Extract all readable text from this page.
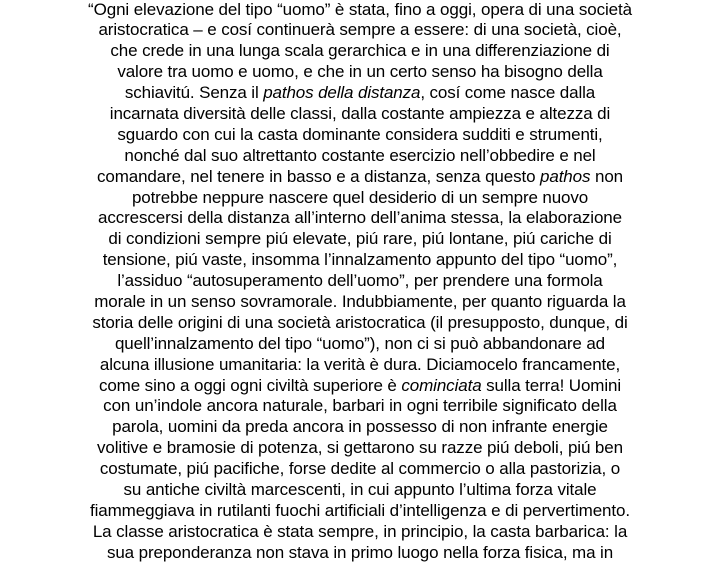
“Ogni elevazione del tipo “uomo” è stata, fino a oggi, opera di una società
aristocratica – e cosí continuerà sempre a essere: di una società, cioè,
che crede in una lunga scala gerarchica e in una differenziazione di
valore tra uomo e uomo, e che in un certo senso ha bisogno della
schiavitú. Senza il pathos della distanza, cosí come nasce dalla
incarnata diversità delle classi, dalla costante ampiezza e altezza di
sguardo con cui la casta dominante considera sudditi e strumenti,
nonché dal suo altrettanto costante esercizio nell’obbedire e nel
comandare, nel tenere in basso e a distanza, senza questo pathos non
potrebbe neppure nascere quel desiderio di un sempre nuovo
accrescersi della distanza all’interno dell’anima stessa, la elaborazione
di condizioni sempre piú elevate, piú rare, piú lontane, piú cariche di
tensione, piú vaste, insomma l’innalzamento appunto del tipo “uomo”,
l’assiduo “autosuperamento dell’uomo”, per prendere una formola
morale in un senso sovramorale. Indubbiamente, per quanto riguarda la
storia delle origini di una società aristocratica (il presupposto, dunque, di
quell’innalzamento del tipo “uomo”), non ci si può abbandonare ad
alcuna illusione umanitaria: la verità è dura. Diciamocelo francamente,
come sino a oggi ogni civiltà superiore è cominciata sulla terra! Uomini
con un’indole ancora naturale, barbari in ogni terribile significato della
parola, uomini da preda ancora in possesso di non infrante energie
volitive e bramosie di potenza, si gettarono su razze piú deboli, piú ben
costumate, piú pacifiche, forse dedite al commercio o alla pastorizia, o
su antiche civiltà marcescenti, in cui appunto l’ultima forza vitale
fiammeggiava in rutilanti fuochi artificiali d’intelligenza e di pervertimento.
La classe aristocratica è stata sempre, in principio, la casta barbarica: la
sua preponderanza non stava in primo luogo nella forza fisica, ma in
